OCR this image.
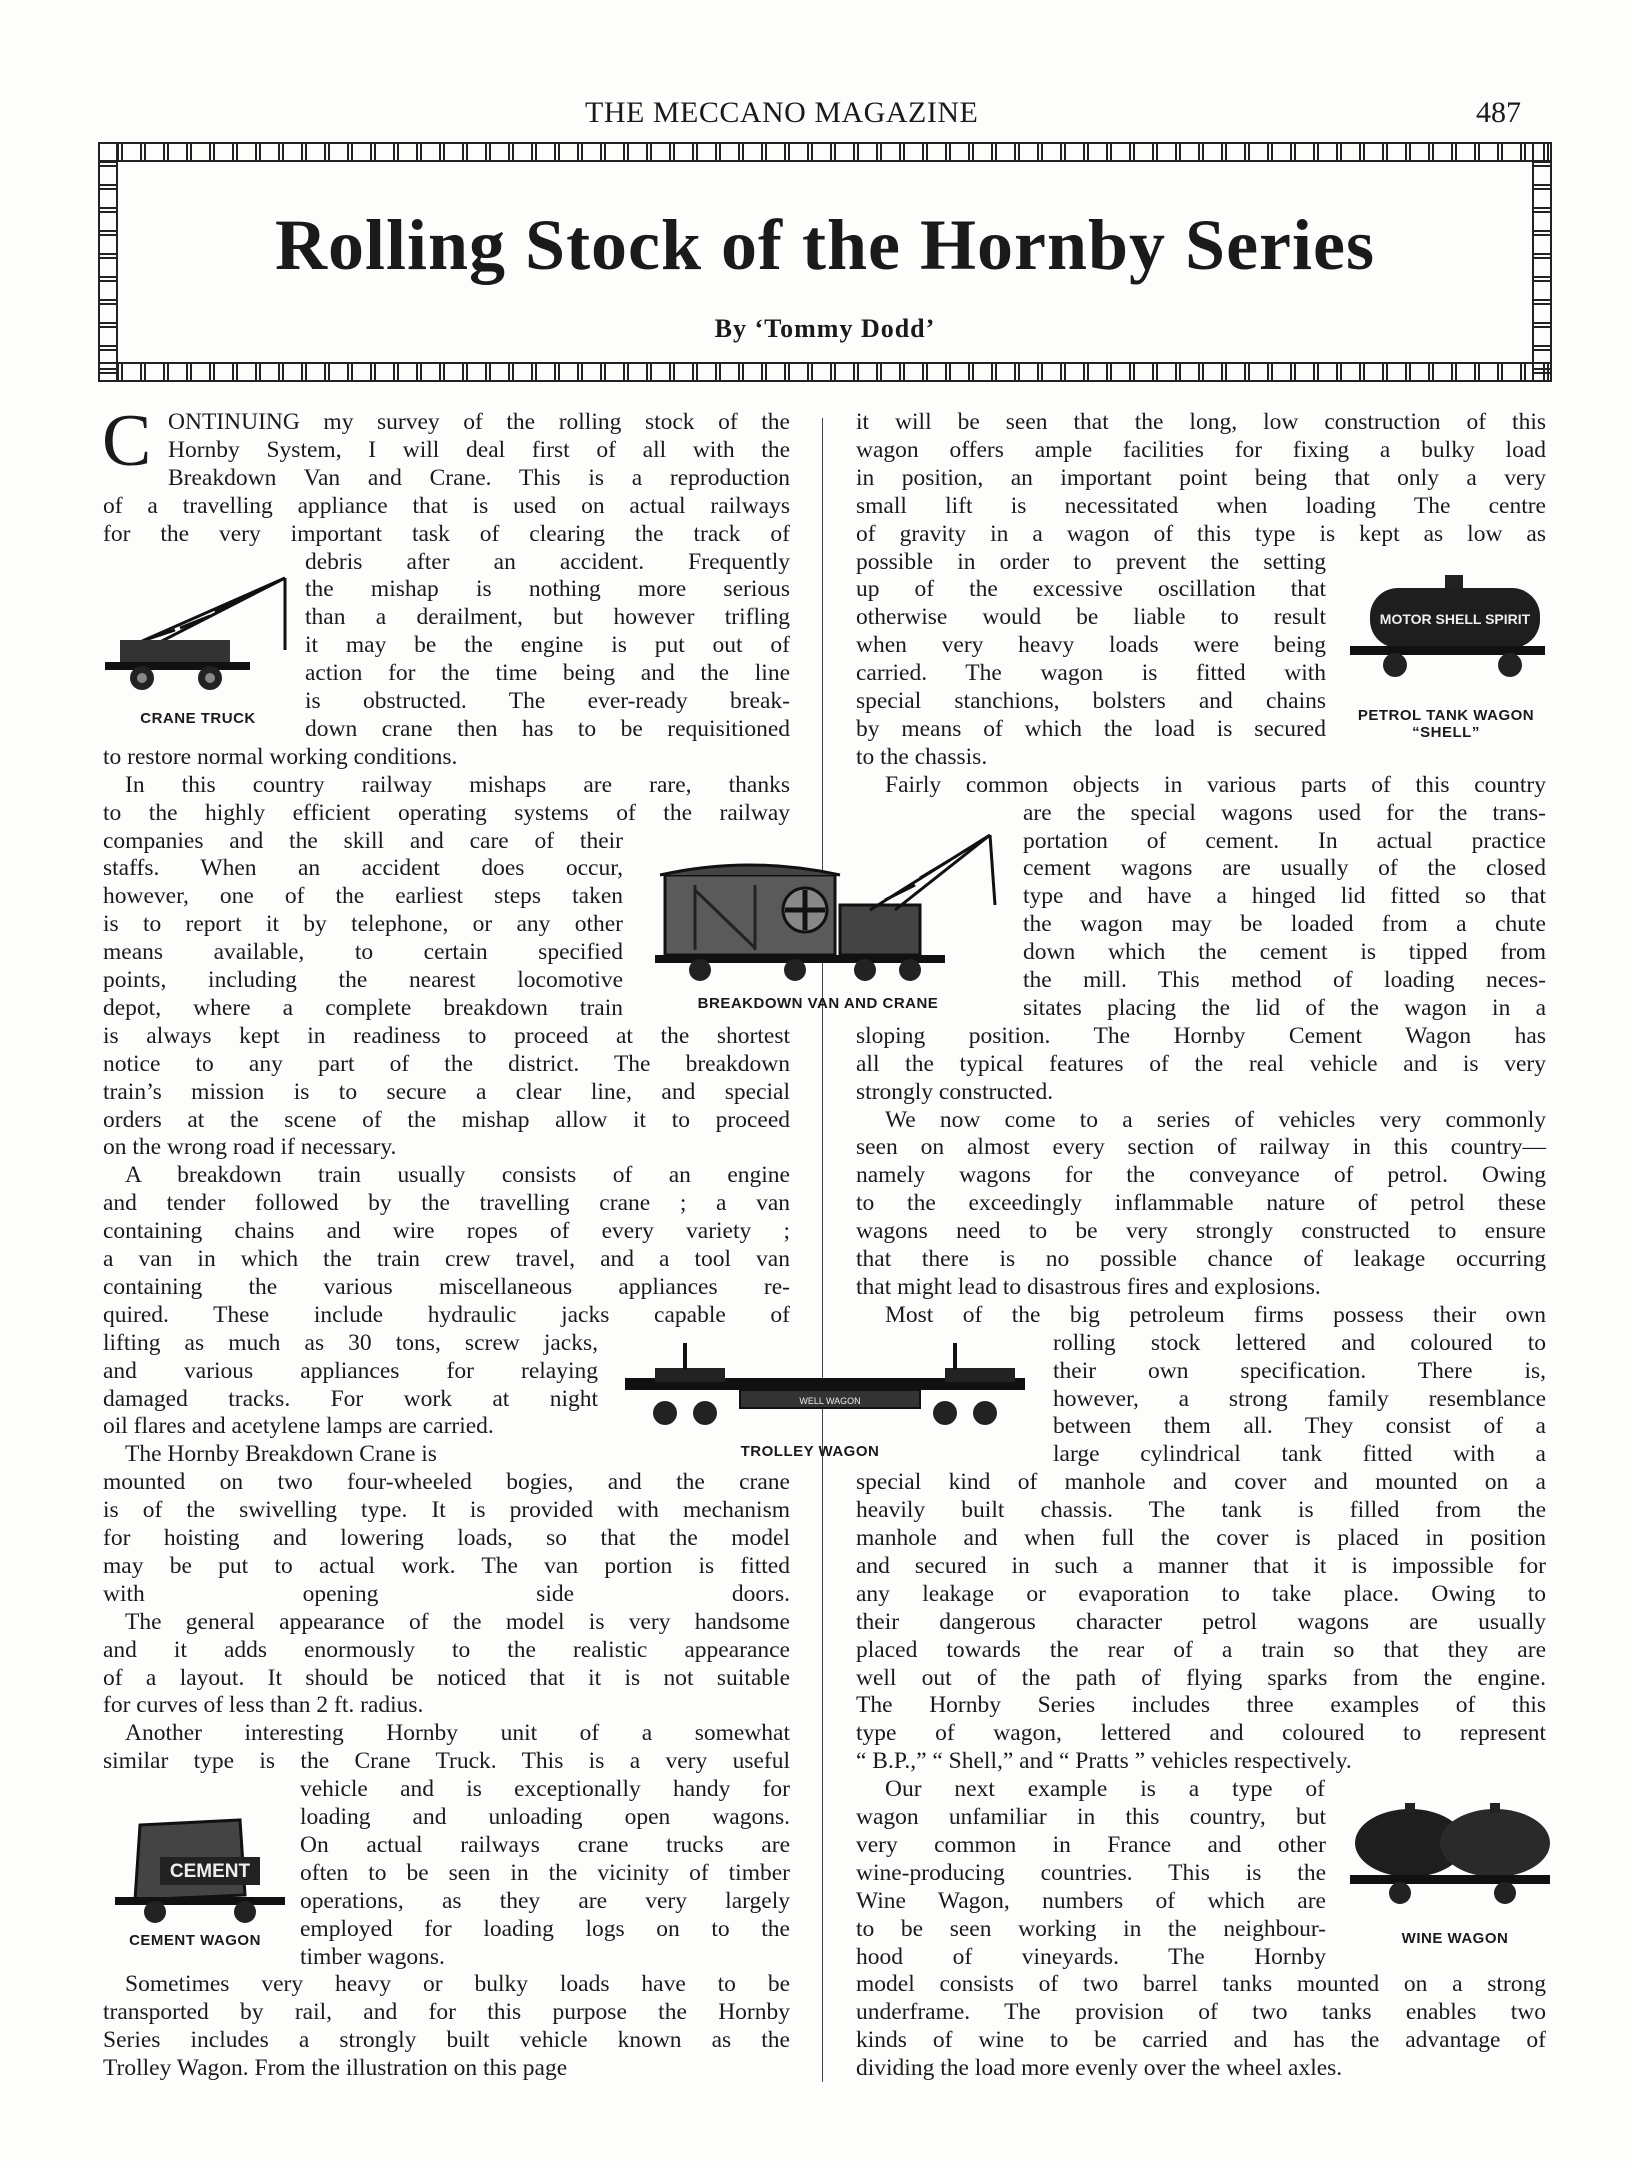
THE MECCANO MAGAZINE	487
Rolling Stock of the Hornby Series
By ‘Tommy Dodd’
ONTINUING my survey of the rolling stock of the
Hornby System, I will deal first of all with the
Breakdown Van and Crane. This is a reproduction
of a travelling appliance that is used on actual railways
for the very important task of clearing the track of
debris after an accident. Frequently
the mishap is nothing more serious
than a derailment, but however trifling
it may be the engine is put out of
action for the time being and the line
is obstructed. The ever-ready break-
down crane then has to be requisitioned
to restore normal working conditions.
In this country railway mishaps are rare, thanks
to the highly efficient operating systems of the railway
companies and the skill and care of their
staffs. When an accident does occur,
however, one of the earliest steps taken
is to report it by telephone, or any other
means available, to certain specified
points, including the nearest locomotive
depot, where a complete breakdown train
is always kept in readiness to proceed at the shortest
notice to any part of the district. The breakdown
train’s mission is to secure a clear line, and special
orders at the scene of the mishap allow it to proceed
on the wrong road if necessary.
A breakdown train usually consists of an engine
and tender followed by the travelling crane ; a van
containing chains and wire ropes of every variety ;
a van in which the train crew travel, and a tool van
containing the various miscellaneous appliances re-
quired. These include hydraulic jacks capable of
lifting as much as 30 tons, screw jacks,
and various appliances for relaying
damaged tracks. For work at night
oil flares and acetylene lamps are carried.
The Hornby Breakdown Crane is
mounted on two four-wheeled bogies, and the crane
is of the swivelling type. It is provided with mechanism
for hoisting and lowering loads, so that the model
may be put to actual work. The van portion is fitted
with opening side doors.
The general appearance of the model is very handsome
and it adds enormously to the realistic appearance
of a layout. It should be noticed that it is not suitable
for curves of less than 2 ft. radius.
Another interesting Hornby unit of a somewhat
similar type is the Crane Truck. This is a very useful
vehicle and is exceptionally handy for
loading and unloading open wagons.
On actual railways crane trucks are
often to be seen in the vicinity of timber
operations, as they are very largely
employed for loading logs on to the
timber wagons.
Sometimes very heavy or bulky loads have to be
transported by rail, and for this purpose the Hornby
Series includes a strongly built vehicle known as the
Trolley Wagon. From the illustration on this page
it will be seen that the long, low construction of this
wagon offers ample facilities for fixing a bulky load
in position, an important point being that only a very
small lift is necessitated when loading The centre
of gravity in a wagon of this type is kept as low as
possible in order to prevent the setting
up of the excessive oscillation that
otherwise would be liable to result
when very heavy loads were being
carried. The wagon is fitted with
special stanchions, bolsters and chains
by means of which the load is secured
to the chassis.
Fairly common objects in various parts of this country
are the special wagons used for the trans-
portation of cement. In actual practice
cement wagons are usually of the closed
type and have a hinged lid fitted so that
the wagon may be loaded from a chute
down which the cement is tipped from
the mill. This method of loading neces-
sitates placing the lid of the wagon in a
sloping position. The Hornby Cement Wagon has
all the typical features of the real vehicle and is very
strongly constructed.
We now come to a series of vehicles very commonly
seen on almost every section of railway in this country—
namely wagons for the conveyance of petrol. Owing
to the exceedingly inflammable nature of petrol these
wagons need to be very strongly constructed to ensure
that there is no possible chance of leakage occurring
that might lead to disastrous fires and explosions.
Most of the big petroleum firms possess their own
rolling stock lettered and coloured to
their own specification. There is,
however, a strong family resemblance
between them all. They consist of a
large cylindrical tank fitted with a
special kind of manhole and cover and mounted on a
heavily built chassis. The tank is filled from the
manhole and when full the cover is placed in position
and secured in such a manner that it is impossible for
any leakage or evaporation to take place. Owing to
their dangerous character petrol wagons are usually
placed towards the rear of a train so that they are
well out of the path of flying sparks from the engine.
The Hornby Series includes three examples of this
type of wagon, lettered and coloured to represent
“ B.P.,” “ Shell,” and “ Pratts ” vehicles respectively.
Our next example is a type of
wagon unfamiliar in this country, but
very common in France and other
wine-producing countries. This is the
Wine Wagon, numbers of which are
to be seen working in the neighbour-
hood of vineyards. The Hornby
model consists of two barrel tanks mounted on a strong
underframe. The provision of two tanks enables two
kinds of wine to be carried and has the advantage of
dividing the load more evenly over the wheel axles.
C
CRANE TRUCK
BREAKDOWN VAN AND CRANE
WELL WAGON
TROLLEY WAGON
CEMENT
CEMENT WAGON
MOTOR SHELL SPIRIT
PETROL TANK WAGON
“SHELL”
WINE WAGON
